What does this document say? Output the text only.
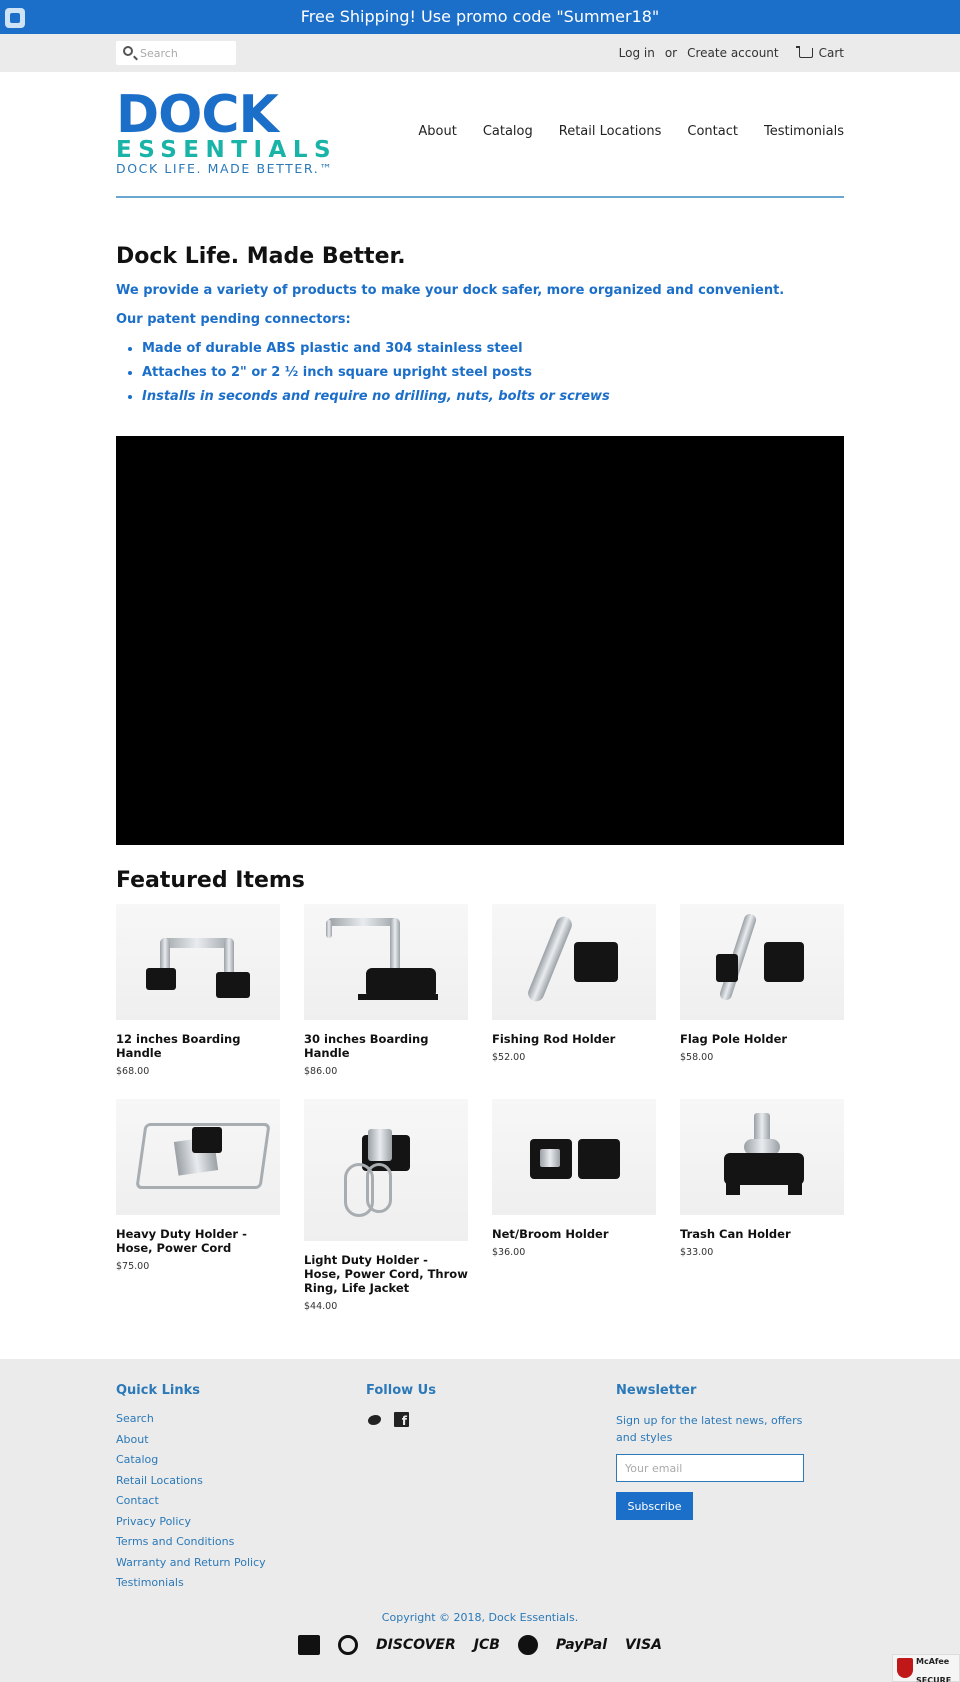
Free Shipping! Use promo code "Summer18"
Search
Log in or Create account	Cart
DOCK
ESSENTIALS
DOCK LIFE. MADE BETTER.™
About Catalog Retail Locations Contact Testimonials
Dock Life. Made Better.

We provide a variety of products to make your dock safer, more organized and convenient.

Our patent pending connectors:

• Made of durable ABS plastic and 304 stainless steel
• Attaches to 2" or 2 ½ inch square upright steel posts
• Installs in seconds and require no drilling, nuts, bolts or screws
Featured Items
12 inches Boarding Handle
$68.00
30 inches Boarding Handle
$86.00
Fishing Rod Holder
$52.00
Flag Pole Holder
$58.00
Heavy Duty Holder - Hose, Power Cord
$75.00	Light Duty Holder - Hose, Power Cord, Throw Ring, Life Jacket
$44.00
Net/Broom Holder
$36.00
Trash Can Holder
$33.00
Quick Links
Search
About
Catalog
Retail Locations
Contact
Privacy Policy
Terms and Conditions
Warranty and Return Policy
Testimonials
Follow Us
f	Newsletter
Sign up for the latest news, offers and styles
Your email
Subscribe
Copyright © 2018, Dock Essentials.
DISCOVER JCB	PayPal VISA
McAfee
SECURE
